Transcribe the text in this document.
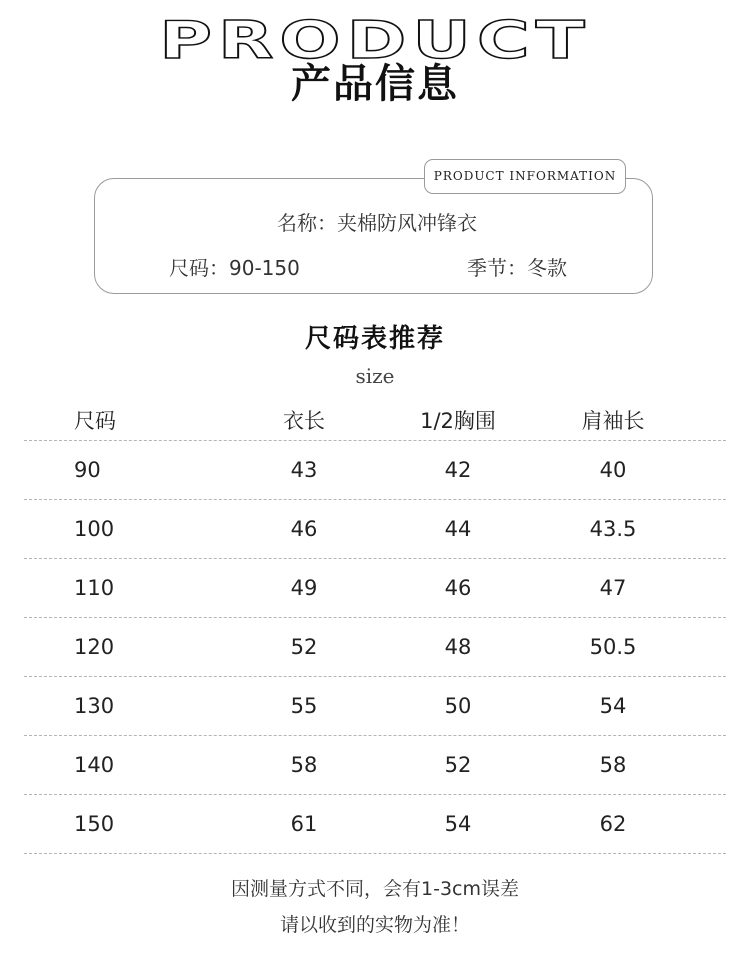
PRODUCT
产品信息
PRODUCT INFORMATION
名称：夹棉防风冲锋衣
尺码：90-150	季节：冬款
尺码表推荐
size
尺码	衣长	1/2胸围	肩袖长
90	43	42	40
100	46	44	43.5
110	49	46	47
120	52	48	50.5
130	55	50	54
140	58	52	58
150	61	54	62
因测量方式不同，会有1-3cm误差
请以收到的实物为准！
